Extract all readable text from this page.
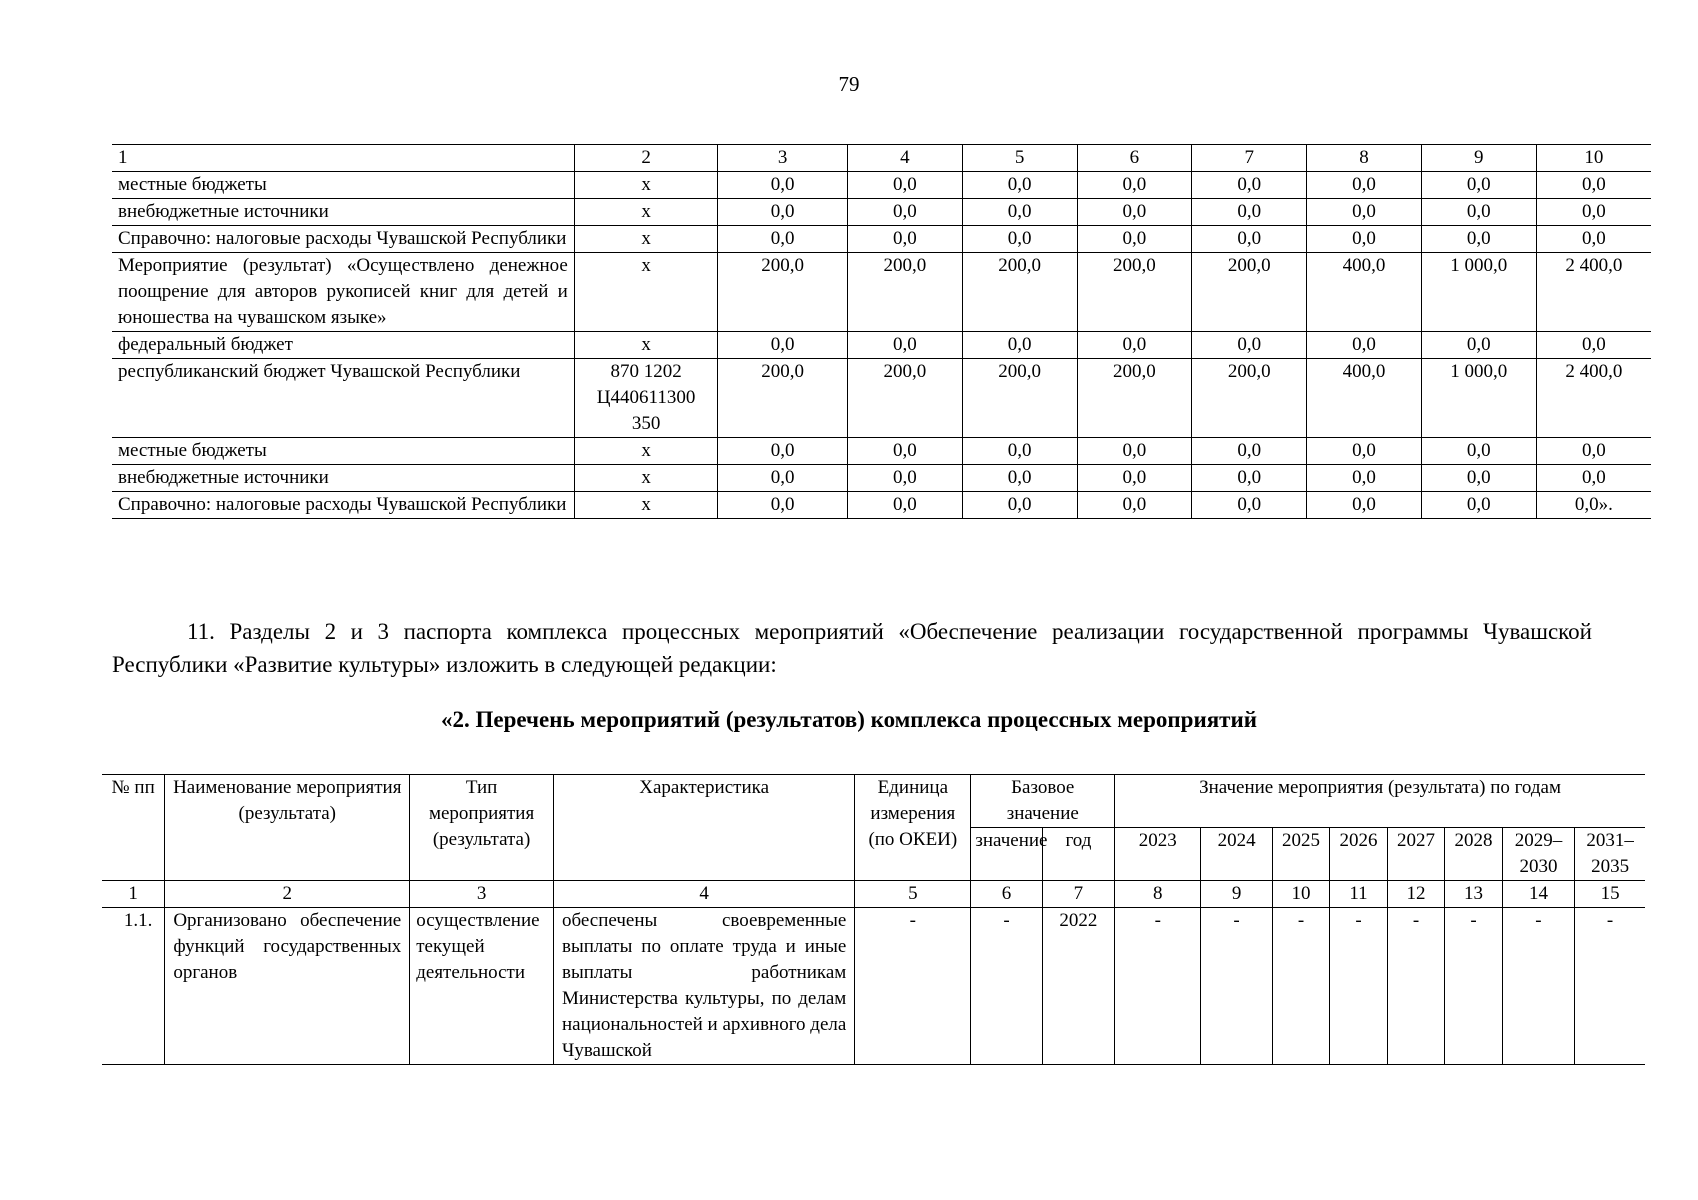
79
1	2	3	4	5	6	7	8	9	10
местные бюджеты	x	0,0	0,0	0,0	0,0	0,0	0,0	0,0	0,0
внебюджетные источники	x	0,0	0,0	0,0	0,0	0,0	0,0	0,0	0,0
Справочно: налоговые расходы Чувашской Республики	x	0,0	0,0	0,0	0,0	0,0	0,0	0,0	0,0
Мероприятие (результат) «Осуществлено денежное поощрение для авторов рукописей книг для детей и юношества на чувашском языке»	x	200,0	200,0	200,0	200,0	200,0	400,0	1 000,0	2 400,0
федеральный бюджет	x	0,0	0,0	0,0	0,0	0,0	0,0	0,0	0,0
республиканский бюджет Чувашской Республики	870 1202 Ц440611300 350	200,0	200,0	200,0	200,0	200,0	400,0	1 000,0	2 400,0
местные бюджеты	x	0,0	0,0	0,0	0,0	0,0	0,0	0,0	0,0
внебюджетные источники	x	0,0	0,0	0,0	0,0	0,0	0,0	0,0	0,0
Справочно: налоговые расходы Чувашской Республики	x	0,0	0,0	0,0	0,0	0,0	0,0	0,0	0,0».
11. Разделы 2 и 3 паспорта комплекса процессных мероприятий «Обеспечение реализации государственной программы Чувашской Республики «Развитие культуры» изложить в следующей редакции:
«2. Перечень мероприятий (результатов) комплекса процессных мероприятий
№ пп	Наименование мероприятия (результата)	Тип мероприятия (результата)	Характеристика	Единица измерения (по ОКЕИ)	Базовое значение		Значение мероприятия (результата) по годам							
					значение	год	2023	2024	2025	2026	2027	2028	2029–2030	2031–2035
1	2	3	4	5	6	7	8	9	10	11	12	13	14	15
1.1.	Организовано обеспечение функций государственных органов	осуществление текущей деятельности	обеспечены своевременные выплаты по оплате труда и иные выплаты работникам Министерства культуры, по делам национальностей и архивного дела Чувашской	-	-	2022	-	-	-	-	-	-	-	-
